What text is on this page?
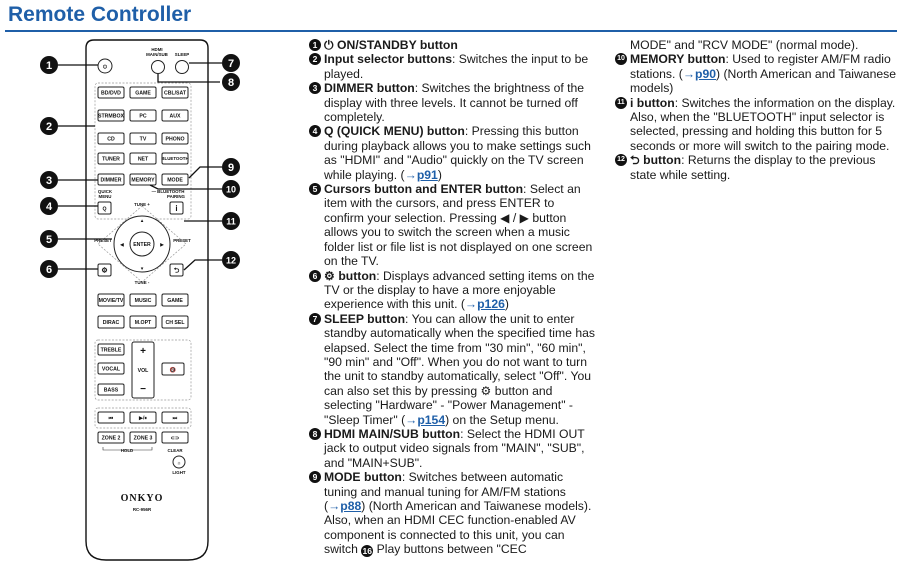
Remote Controller
⏻
HDMI
MAIN/SUB SLEEP
BD/DVD	GAME	CBL/SAT
STRMBOX	PC	AUX
CD	TV	PHONO
TUNER	NET	BLUETOOTH
DIMMER MEMORY MODE
QUICK
MENU
— BLUETOOTH
PAIRING
Q	i
ENTER
TUNE +
TUNE -
PRESET	PRESET
▲
▼
◀	▶
⚙	⮌
MOVIE/TV MUSIC	GAME
DIRAC	M.OPT	CH SEL
TREBLE
VOCAL
BASS
+
VOL
−
🔇
⏮	▶/⏸	⏭
ZONE 2	ZONE 3	⊂⊃
HOLD	CLEAR
☼
LIGHT
ONKYO
RC-956R
1
2
3
4
5
6
7
8
9
10
11
12
1 ⏻ ON/STANDBY button
2 Input selector buttons: Switches the input to be played.
3 DIMMER button: Switches the brightness of the display with three levels. It cannot be turned off completely.
4 Q (QUICK MENU) button: Pressing this button during playback allows you to make settings such as "HDMI" and "Audio" quickly on the TV screen while playing. (→p91)
5 Cursors button and ENTER button: Select an item with the cursors, and press ENTER to confirm your selection. Pressing ◀ / ▶ button allows you to switch the screen when a music folder list or file list is not displayed on one screen on the TV.
6 ⚙ button: Displays advanced setting items on the TV or the display to have a more enjoyable experience with this unit. (→p126)
7 SLEEP button: You can allow the unit to enter standby automatically when the specified time has elapsed. Select the time from "30 min", "60 min", "90 min" and "Off". When you do not want to turn the unit to standby automatically, select "Off". You can also set this by pressing ⚙ button and selecting "Hardware" - "Power Management" - "Sleep Timer" (→p154) on the Setup menu.
8 HDMI MAIN/SUB button: Select the HDMI OUT jack to output video signals from "MAIN", "SUB", and "MAIN+SUB".
9 MODE button: Switches between automatic tuning and manual tuning for AM/FM stations (→p88) (North American and Taiwanese models). Also, when an HDMI CEC function-enabled AV component is connected to this unit, you can switch 16 Play buttons between "CEC
MODE" and "RCV MODE" (normal mode).
10 MEMORY button: Used to register AM/FM radio stations. (→p90) (North American and Taiwanese models)
11 i button: Switches the information on the display. Also, when the "BLUETOOTH" input selector is selected, pressing and holding this button for 5 seconds or more will switch to the pairing mode.
12 ⮌ button: Returns the display to the previous state while setting.
